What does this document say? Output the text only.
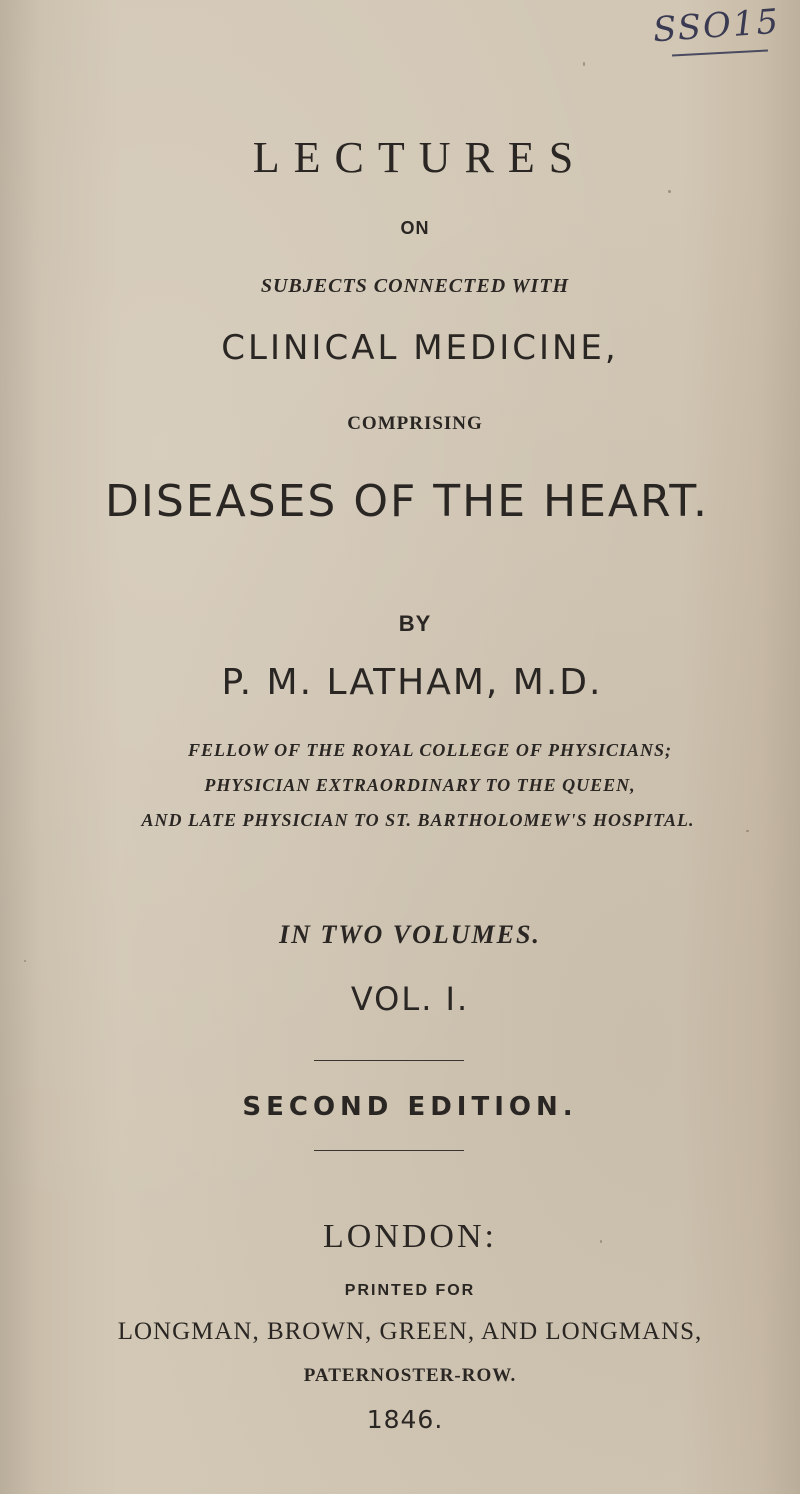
SSO15
LECTURES
ON
SUBJECTS CONNECTED WITH
CLINICAL MEDICINE,
COMPRISING
DISEASES OF THE HEART.
BY
P. M. LATHAM, M.D.
FELLOW OF THE ROYAL COLLEGE OF PHYSICIANS;
PHYSICIAN EXTRAORDINARY TO THE QUEEN,
AND LATE PHYSICIAN TO ST. BARTHOLOMEW'S HOSPITAL.
IN TWO VOLUMES.
VOL. I.
SECOND EDITION.
LONDON:
PRINTED FOR
LONGMAN, BROWN, GREEN, AND LONGMANS,
PATERNOSTER-ROW.
1846.
